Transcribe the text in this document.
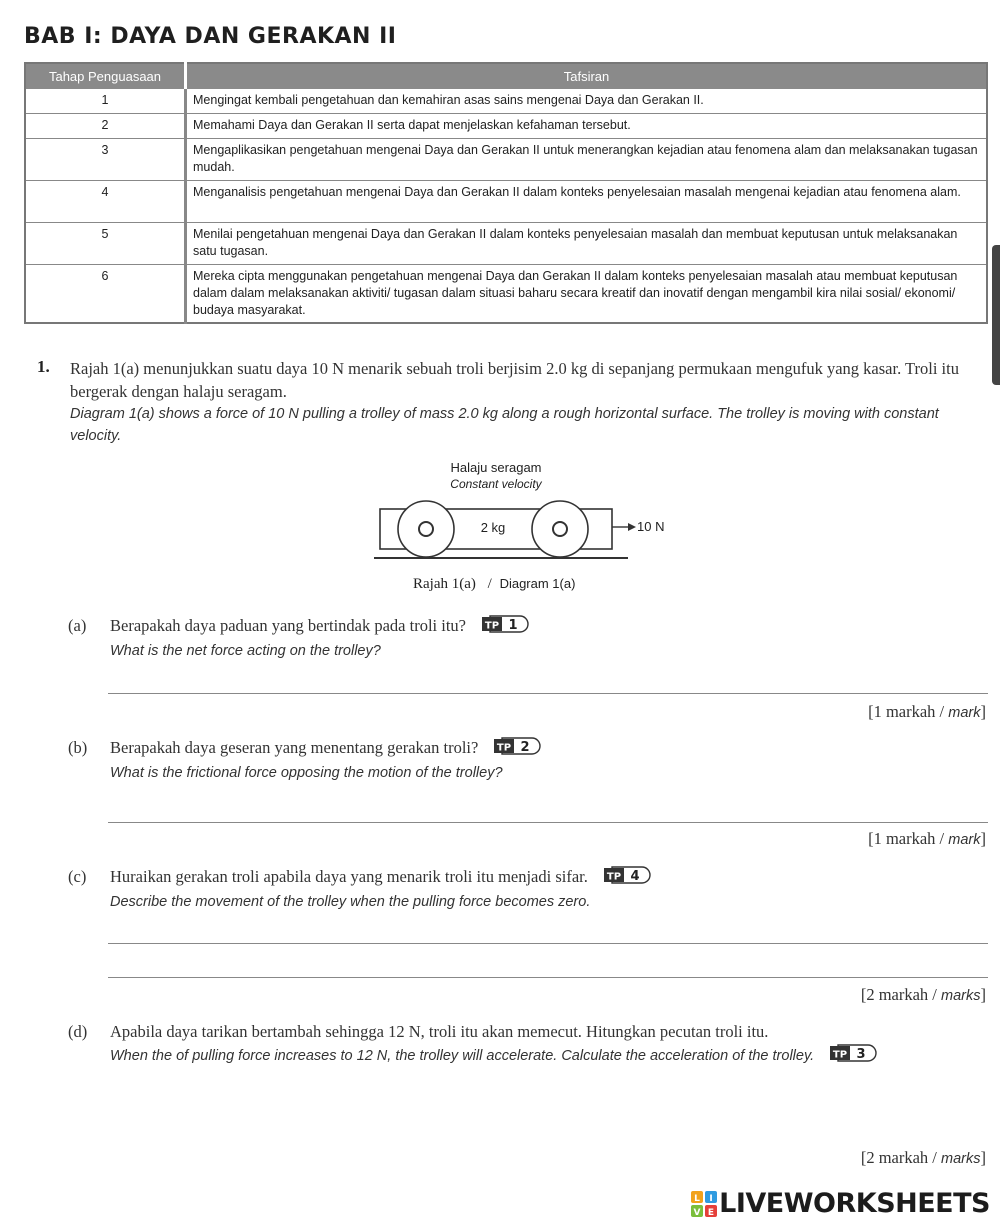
BAB I: DAYA DAN GERAKAN II
Tahap Penguasaan	Tafsiran
1	Mengingat kembali pengetahuan dan kemahiran asas sains mengenai Daya dan Gerakan II.
2	Memahami Daya dan Gerakan II serta dapat menjelaskan kefahaman tersebut.
3	Mengaplikasikan pengetahuan mengenai Daya dan Gerakan II untuk menerangkan kejadian atau fenomena alam dan melaksanakan tugasan mudah.
4	Menganalisis pengetahuan mengenai Daya dan Gerakan II dalam konteks penyelesaian masalah mengenai kejadian atau fenomena alam.
5	Menilai pengetahuan mengenai Daya dan Gerakan II dalam konteks penyelesaian masalah dan membuat keputusan untuk melaksanakan satu tugasan.
6	Mereka cipta menggunakan pengetahuan mengenai Daya dan Gerakan II dalam konteks penyelesaian masalah atau membuat keputusan dalam dalam melaksanakan aktiviti/ tugasan dalam situasi baharu secara kreatif dan inovatif dengan mengambil kira nilai sosial/ ekonomi/ budaya masyarakat.
1. Rajah 1(a) menunjukkan suatu daya 10 N menarik sebuah troli berjisim 2.0 kg di sepanjang permukaan mengufuk yang kasar. Troli itu bergerak dengan halaju seragam.
Diagram 1(a) shows a force of 10 N pulling a trolley of mass 2.0 kg along a rough horizontal surface. The trolley is moving with constant velocity.
Halaju seragam
Constant velocity
2 kg	10 N
Rajah 1(a) / Diagram 1(a)
(a) Berapakah daya paduan yang bertindak pada troli itu? TP 1
What is the net force acting on the trolley?
[1 markah / mark]
(b) Berapakah daya geseran yang menentang gerakan troli? TP 2
What is the frictional force opposing the motion of the trolley?
[1 markah / mark]
(c) Huraikan gerakan troli apabila daya yang menarik troli itu menjadi sifar. TP 4
Describe the movement of the trolley when the pulling force becomes zero.
[2 markah / marks]
(d) Apabila daya tarikan bertambah sehingga 12 N, troli itu akan memecut. Hitungkan pecutan troli itu.
When the of pulling force increases to 12 N, the trolley will accelerate. Calculate the acceleration of the trolley. TP 3
[2 markah / marks]
L I
V E LIVEWORKSHEETS
